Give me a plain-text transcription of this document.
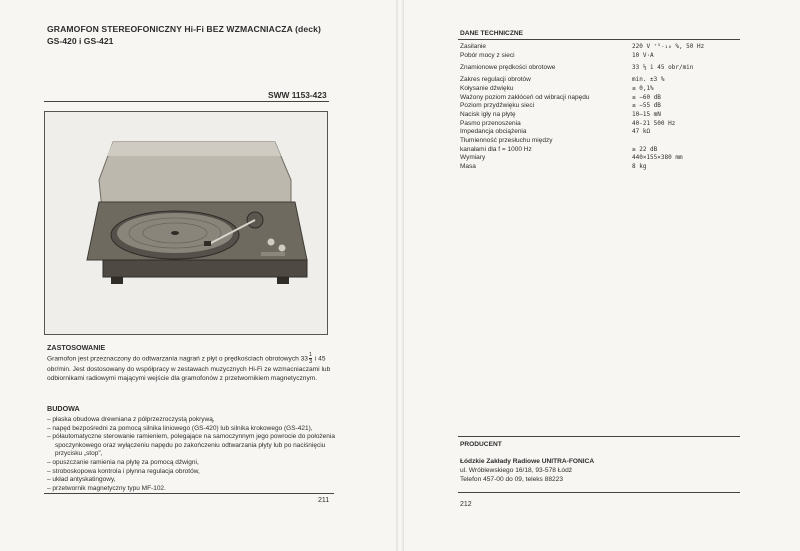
GRAMOFON STEREOFONICZNY Hi-Fi BEZ WZMACNIACZA (deck)
GS-420 i GS-421
SWW 1153-423
ZASTOSOWANIE
Gramofon jest przeznaczony do odtwarzania nagrań z płyt o prędkościach obrotowych $33 \frac{1}{3}$ i 45 obr/min. Jest dostosowany do współpracy w zestawach muzycznych Hi-Fi ze wzmacniaczami lub odbiornikami radiowymi mającymi wejście dla gramofonów z przetwornikiem magnetycznym.
BUDOWA
– płaska obudowa drewniana z półprzezroczystą pokrywą,
– napęd bezpośredni za pomocą silnika liniowego (GS-420) lub silnika krokowego (GS-421),
– półautomatyczne sterowanie ramieniem, polegające na samoczynnym jego powrocie do położenia spoczynkowego oraz wyłączeniu napędu po zakończeniu odtwarzania płyty lub po naciśnięciu przycisku „stop",
– opuszczanie ramienia na płytę za pomocą dźwigni,
– stroboskopowa kontrola i płynna regulacja obrotów,
– układ antyskatingowy,
– przetwornik magnetyczny typu MF-102.
211
DANE TECHNICZNE
Zasilanie	220 V ⁺⁵₋₁₀ %, 50 Hz
Pobór mocy z sieci	10 V·A
Znamionowe prędkości obrotowe	33 ⅓ i 45 obr/min
Zakres regulacji obrotów	min. ±3 %
Kołysanie dźwięku	≤ 0,1%
Ważony poziom zakłóceń od wibracji napędu	≤ −60 dB
Poziom przydźwięku sieci	≤ −55 dB
Nacisk igły na płytę	10–15 mN
Pasmo przenoszenia	40-21 500 Hz
Impedancja obciążenia	47 kΩ
Tłumienność przesłuchu między
kanałami dla f = 1000 Hz	≥ 22 dB
Wymiary	440×155×380 mm
Masa	8 kg
PRODUCENT
Łódzkie Zakłady Radiowe UNITRA-FONICA
ul. Wróblewskiego 16/18, 93-578 Łódź
Telefon 457-00 do 09, teleks 88223
212
